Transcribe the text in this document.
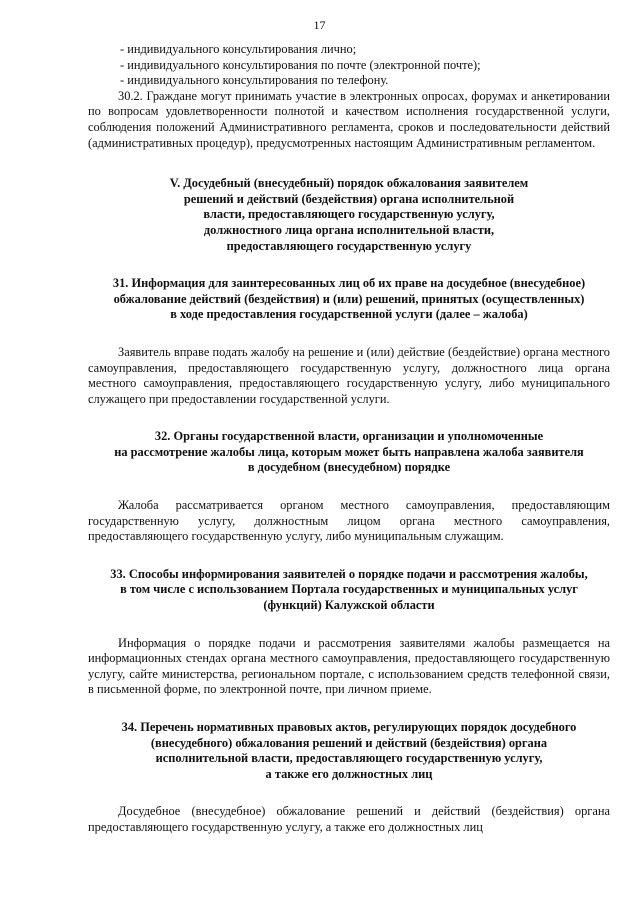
17

- индивидуального консультирования лично;

- индивидуального консультирования по почте (электронной почте);

- индивидуального консультирования по телефону.

30.2. Граждане могут принимать участие в электронных опросах, форумах и анкетировании по вопросам удовлетворенности полнотой и качеством исполнения государственной услуги, соблюдения положений Административного регламента, сроков и последовательности действий (административных процедур), предусмотренных настоящим Административным регламентом.

V. Досудебный (внесудебный) порядок обжалования заявителем
решений и действий (бездействия) органа исполнительной
власти, предоставляющего государственную услугу,
должностного лица органа исполнительной власти,
предоставляющего государственную услугу
31. Информация для заинтересованных лиц об их праве на досудебное (внесудебное)
обжалование действий (бездействия) и (или) решений, принятых (осуществленных)
в ходе предоставления государственной услуги (далее – жалоба)

Заявитель вправе подать жалобу на решение и (или) действие (бездействие) органа местного самоуправления, предоставляющего государственную услугу, должностного лица органа местного самоуправления, предоставляющего государственную услугу, либо муниципального служащего при предоставлении государственной услуги.

32. Органы государственной власти, организации и уполномоченные
на рассмотрение жалобы лица, которым может быть направлена жалоба заявителя
в досудебном (внесудебном) порядке

Жалоба рассматривается органом местного самоуправления, предоставляющим государственную услугу, должностным лицом органа местного самоуправления, предоставляющего государственную услугу, либо муниципальным служащим.

33. Способы информирования заявителей о порядке подачи и рассмотрения жалобы,
в том числе с использованием Портала государственных и муниципальных услуг
(функций) Калужской области

Информация о порядке подачи и рассмотрения заявителями жалобы размещается на информационных стендах органа местного самоуправления, предоставляющего государственную услугу, сайте министерства, региональном портале, с использованием средств телефонной связи, в письменной форме, по электронной почте, при личном приеме.

34. Перечень нормативных правовых актов, регулирующих порядок досудебного
(внесудебного) обжалования решений и действий (бездействия) органа
исполнительной власти, предоставляющего государственную услугу,
а также его должностных лиц

Досудебное (внесудебное) обжалование решений и действий (бездействия) органа предоставляющего государственную услугу, а также его должностных лиц
